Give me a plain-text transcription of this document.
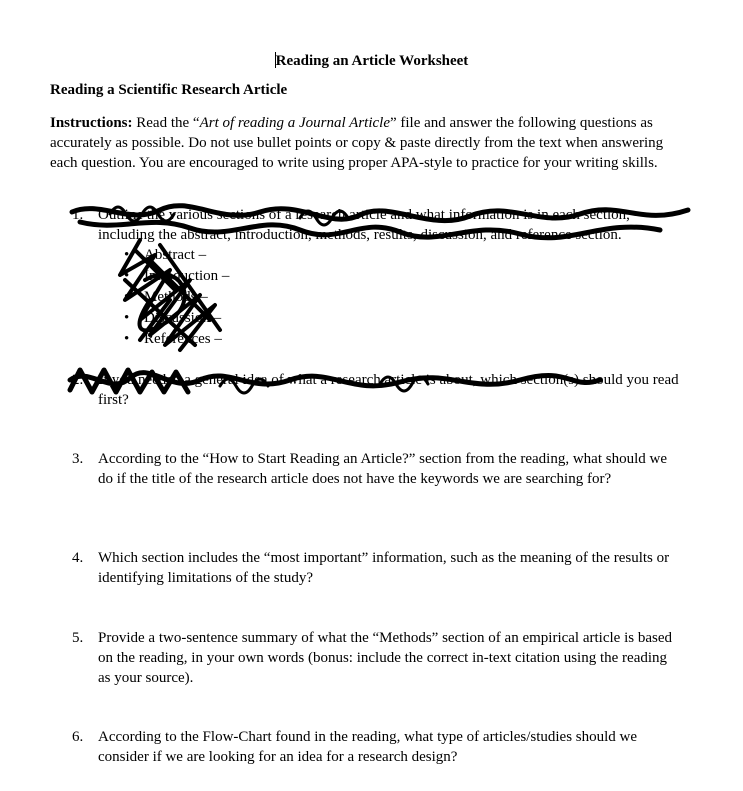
Reading an Article Worksheet
Reading a Scientific Research Article
Instructions: Read the “Art of reading a Journal Article” file and answer the following questions as accurately as possible. Do not use bullet points or copy & paste directly from the text when answering each question. You are encouraged to write using proper APA-style to practice for your writing skills.
1. Outline the various sections of a research article and what information is in each section, including the abstract, introduction, methods, results, discussion, and reference section.
• Abstract –
• Introduction –
• Methods –
• Discussion –
• References –
2. If you needed a general idea of what a research article is about, which section(s) should you read first?
3. According to the “How to Start Reading an Article?” section from the reading, what should we do if the title of the research article does not have the keywords we are searching for?
4. Which section includes the “most important” information, such as the meaning of the results or identifying limitations of the study?
5. Provide a two-sentence summary of what the “Methods” section of an empirical article is based on the reading, in your own words (bonus: include the correct in-text citation using the reading as your source).
6. According to the Flow-Chart found in the reading, what type of articles/studies should we consider if we are looking for an idea for a research design?
